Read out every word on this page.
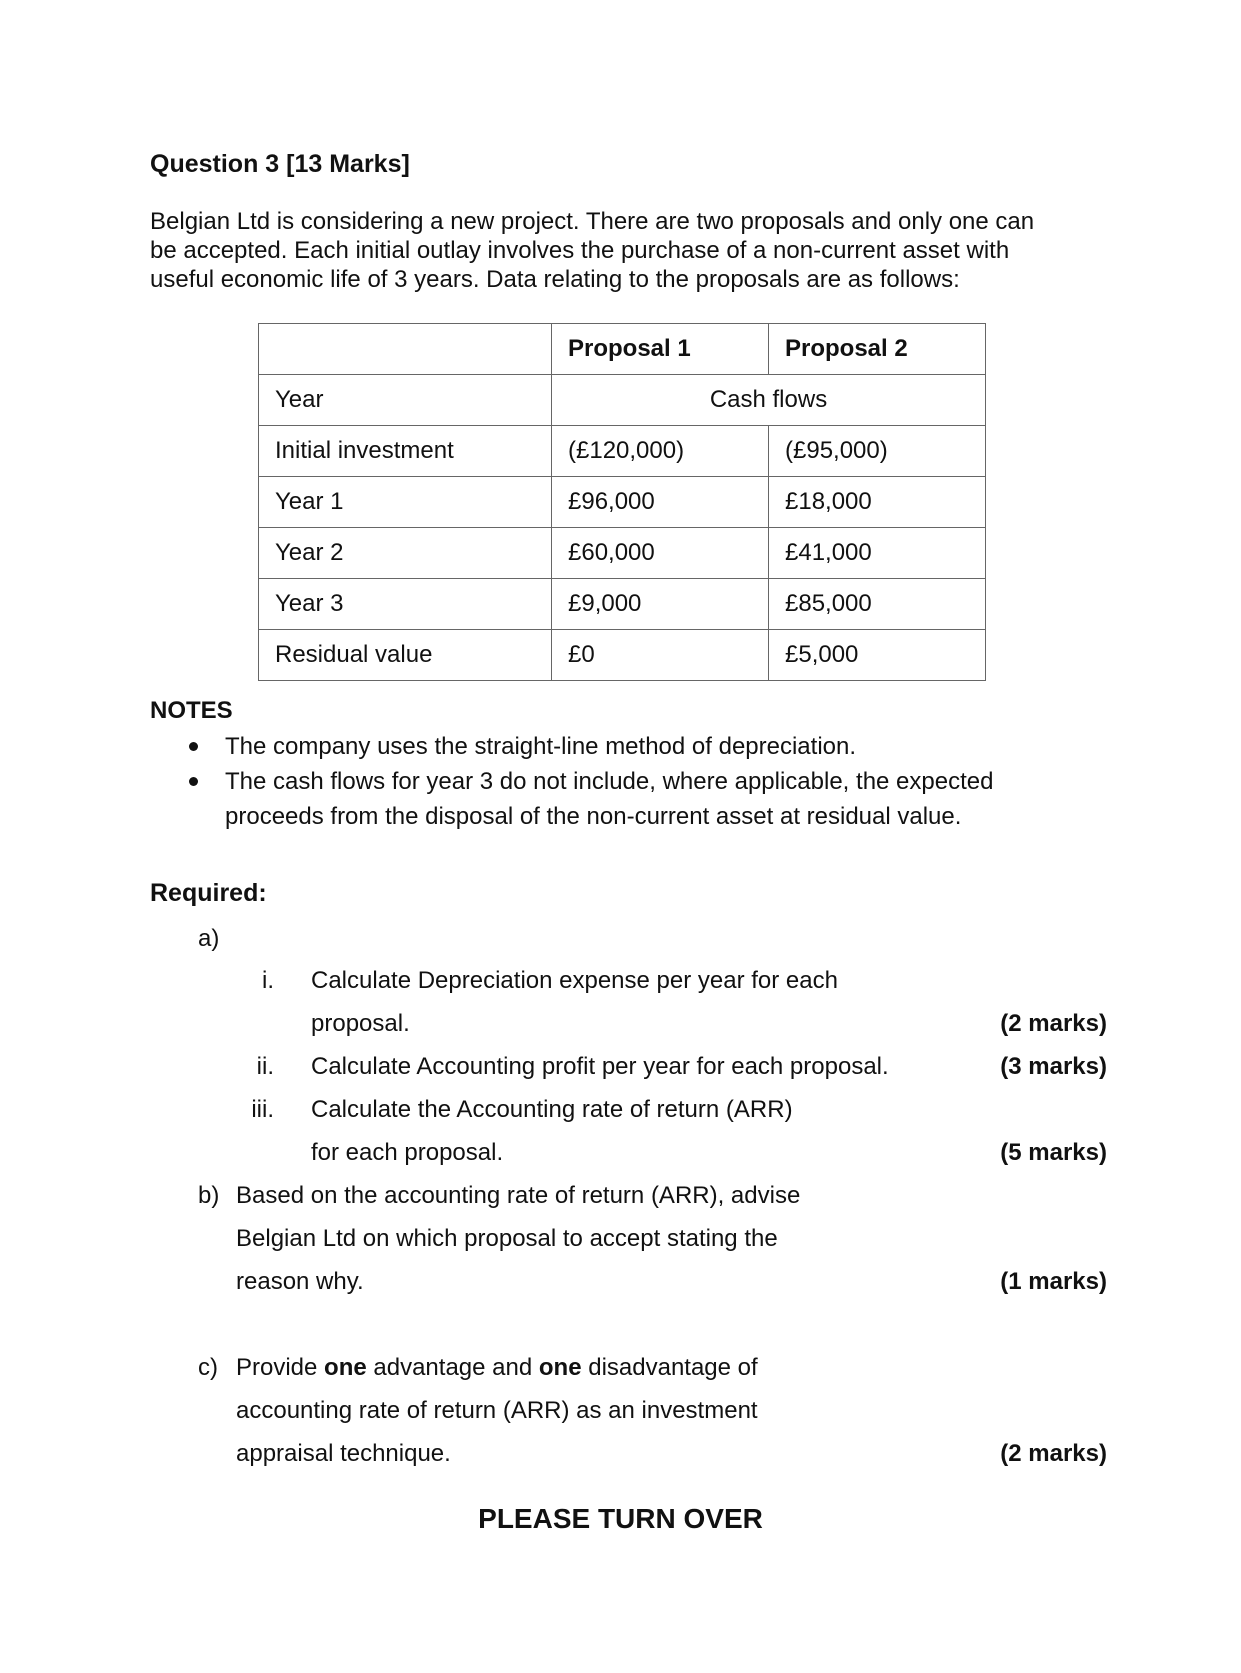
Question 3 [13 Marks]

Belgian Ltd is considering a new project. There are two proposals and only one can

be accepted. Each initial outlay involves the purchase of a non-current asset with

useful economic life of 3 years. Data relating to the proposals are as follows:

	Proposal 1	Proposal 2
Year	Cash flows	
Initial investment	(£120,000)	(£95,000)
Year 1	£96,000	£18,000
Year 2	£60,000	£41,000
Year 3	£9,000	£85,000
Residual value	£0	£5,000
NOTES
The company uses the straight-line method of depreciation.
The cash flows for year 3 do not include, where applicable, the expected
proceeds from the disposal of the non-current asset at residual value.
Required:
a)
i. Calculate Depreciation expense per year for each
proposal.	(2 marks)
ii. Calculate Accounting profit per year for each proposal.	(3 marks)
iii. Calculate the Accounting rate of return (ARR)
for each proposal.	(5 marks)
b) Based on the accounting rate of return (ARR), advise
Belgian Ltd on which proposal to accept stating the
reason why.	(1 marks)
c) Provide one advantage and one disadvantage of
accounting rate of return (ARR) as an investment
appraisal technique.	(2 marks)
PLEASE TURN OVER
